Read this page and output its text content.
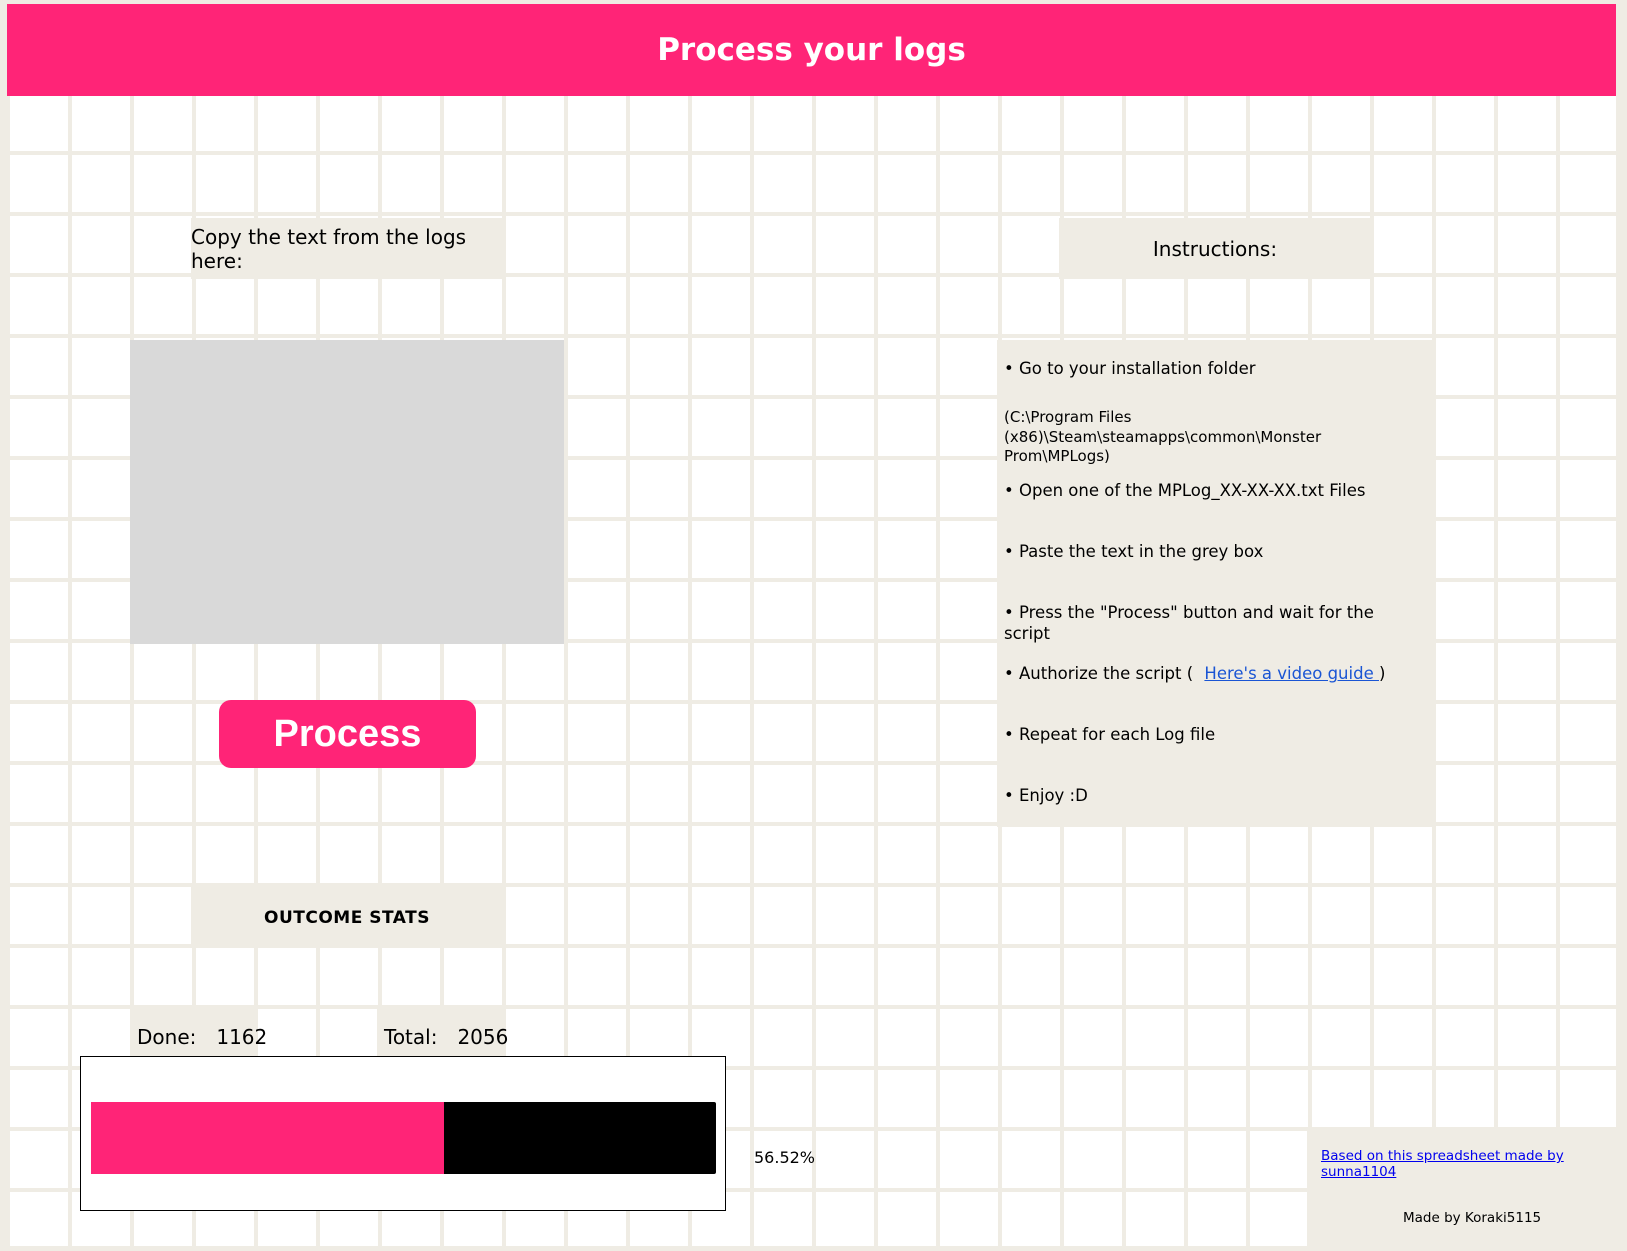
Process your logs
Copy the text from the logs here:
Process
Instructions:
• Go to your installation folder
(C:\Program Files (x86)\Steam\steamapps\common\Monster Prom\MPLogs)
• Open one of the MPLog_XX-XX-XX.txt Files
• Paste the text in the grey box
• Press the "Process" button and wait for the script
• Authorize the script ( Here's a video guide )
• Repeat for each Log file
• Enjoy :D
OUTCOME STATS
Done: 1162	Total: 2056
56.52%	Based on this spreadsheet made by sunna1104
Made by Koraki5115
